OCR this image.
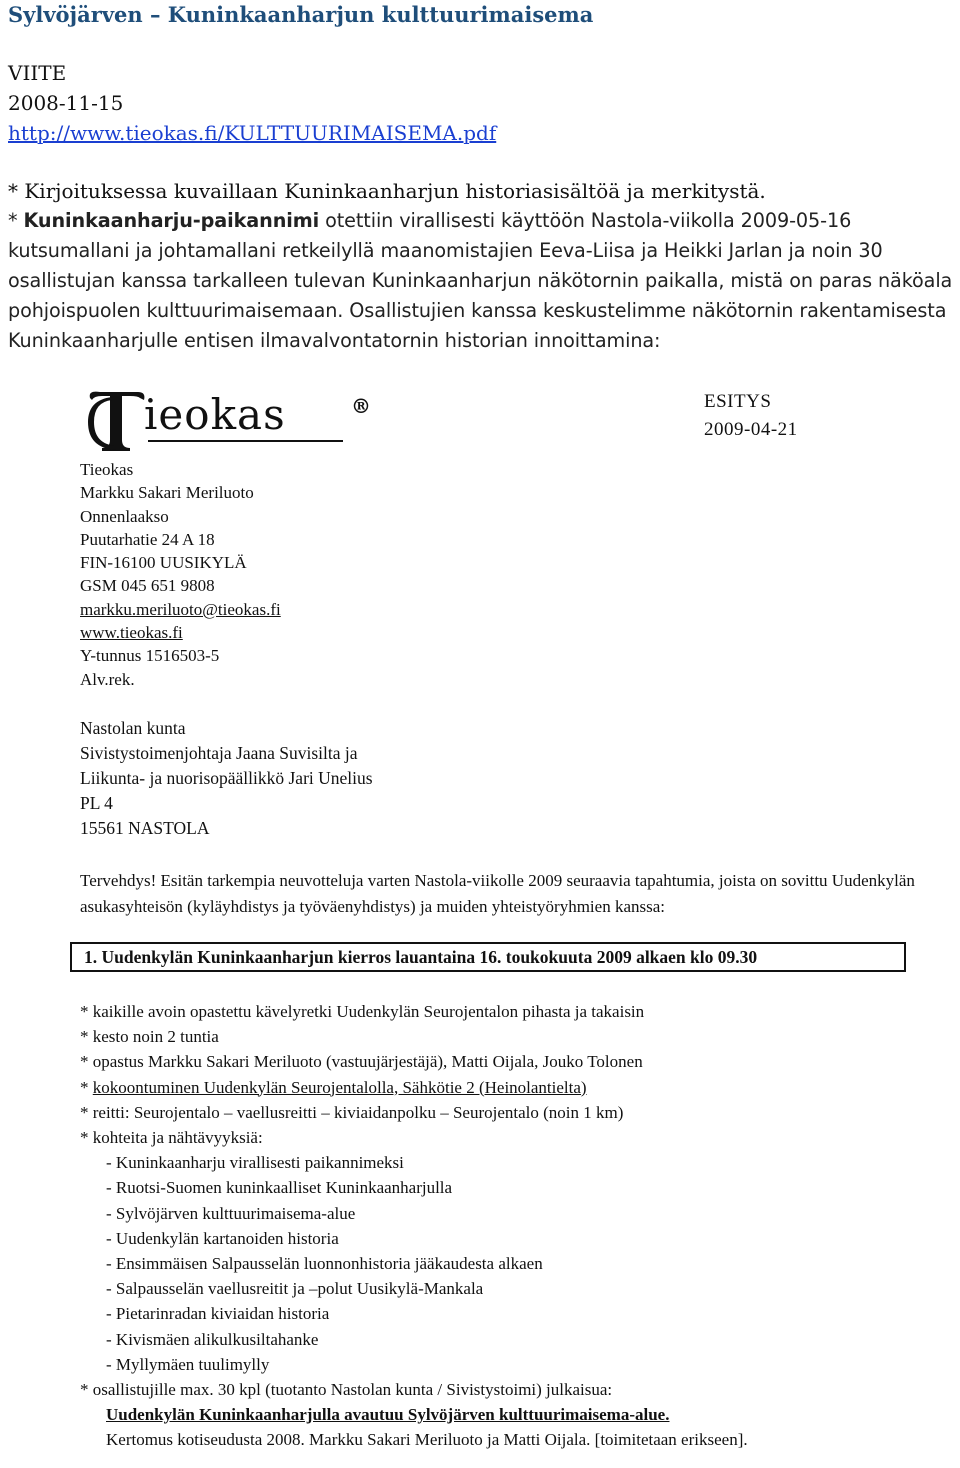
Sylvöjärven – Kuninkaanharjun kulttuurimaisema
VIITE
2008-11-15
http://www.tieokas.fi/KULTTUURIMAISEMA.pdf
* Kirjoituksessa kuvaillaan Kuninkaanharjun historiasisältöä ja merkitystä.
* Kuninkaanharju-paikannimi otettiin virallisesti käyttöön Nastola-viikolla 2009-05-16 kutsumallani ja johtamallani retkeilyllä maanomistajien Eeva-Liisa ja Heikki Jarlan ja noin 30 osallistujan kanssa tarkalleen tulevan Kuninkaanharjun näkötornin paikalla, mistä on paras näköala pohjoispuolen kulttuurimaisemaan. Osallistujien kanssa keskustelimme näkötornin rakentamisesta Kuninkaanharjulle entisen ilmavalvontatornin historian innoittamina:
ieokas	®	ESITYS
2009-04-21
Tieokas
Markku Sakari Meriluoto
Onnenlaakso
Puutarhatie 24 A 18
FIN-16100 UUSIKYLÄ
GSM 045 651 9808
markku.meriluoto@tieokas.fi
www.tieokas.fi
Y-tunnus 1516503-5
Alv.rek.
Nastolan kunta
Sivistystoimenjohtaja Jaana Suvisilta ja
Liikunta- ja nuorisopäällikkö Jari Unelius
PL 4
15561 NASTOLA
Tervehdys! Esitän tarkempia neuvotteluja varten Nastola-viikolle 2009 seuraavia tapahtumia, joista on sovittu Uudenkylän asukasyhteisön (kyläyhdistys ja työväenyhdistys) ja muiden yhteistyöryhmien kanssa:
1. Uudenkylän Kuninkaanharjun kierros lauantaina 16. toukokuuta 2009 alkaen klo 09.30
* kaikille avoin opastettu kävelyretki Uudenkylän Seurojentalon pihasta ja takaisin
* kesto noin 2 tuntia
* opastus Markku Sakari Meriluoto (vastuujärjestäjä), Matti Oijala, Jouko Tolonen
* kokoontuminen Uudenkylän Seurojentalolla, Sähkötie 2 (Heinolantielta)
* reitti: Seurojentalo – vaellusreitti – kiviaidanpolku – Seurojentalo (noin 1 km)
* kohteita ja nähtävyyksiä:
- Kuninkaanharju virallisesti paikannimeksi
- Ruotsi-Suomen kuninkaalliset Kuninkaanharjulla
- Sylvöjärven kulttuurimaisema-alue
- Uudenkylän kartanoiden historia
- Ensimmäisen Salpausselän luonnonhistoria jääkaudesta alkaen
- Salpausselän vaellusreitit ja –polut Uusikylä-Mankala
- Pietarinradan kiviaidan historia
- Kivismäen alikulkusiltahanke
- Myllymäen tuulimylly
* osallistujille max. 30 kpl (tuotanto Nastolan kunta / Sivistystoimi) julkaisua:
Uudenkylän Kuninkaanharjulla avautuu Sylvöjärven kulttuurimaisema-alue.
Kertomus kotiseudusta 2008. Markku Sakari Meriluoto ja Matti Oijala. [toimitetaan erikseen].
